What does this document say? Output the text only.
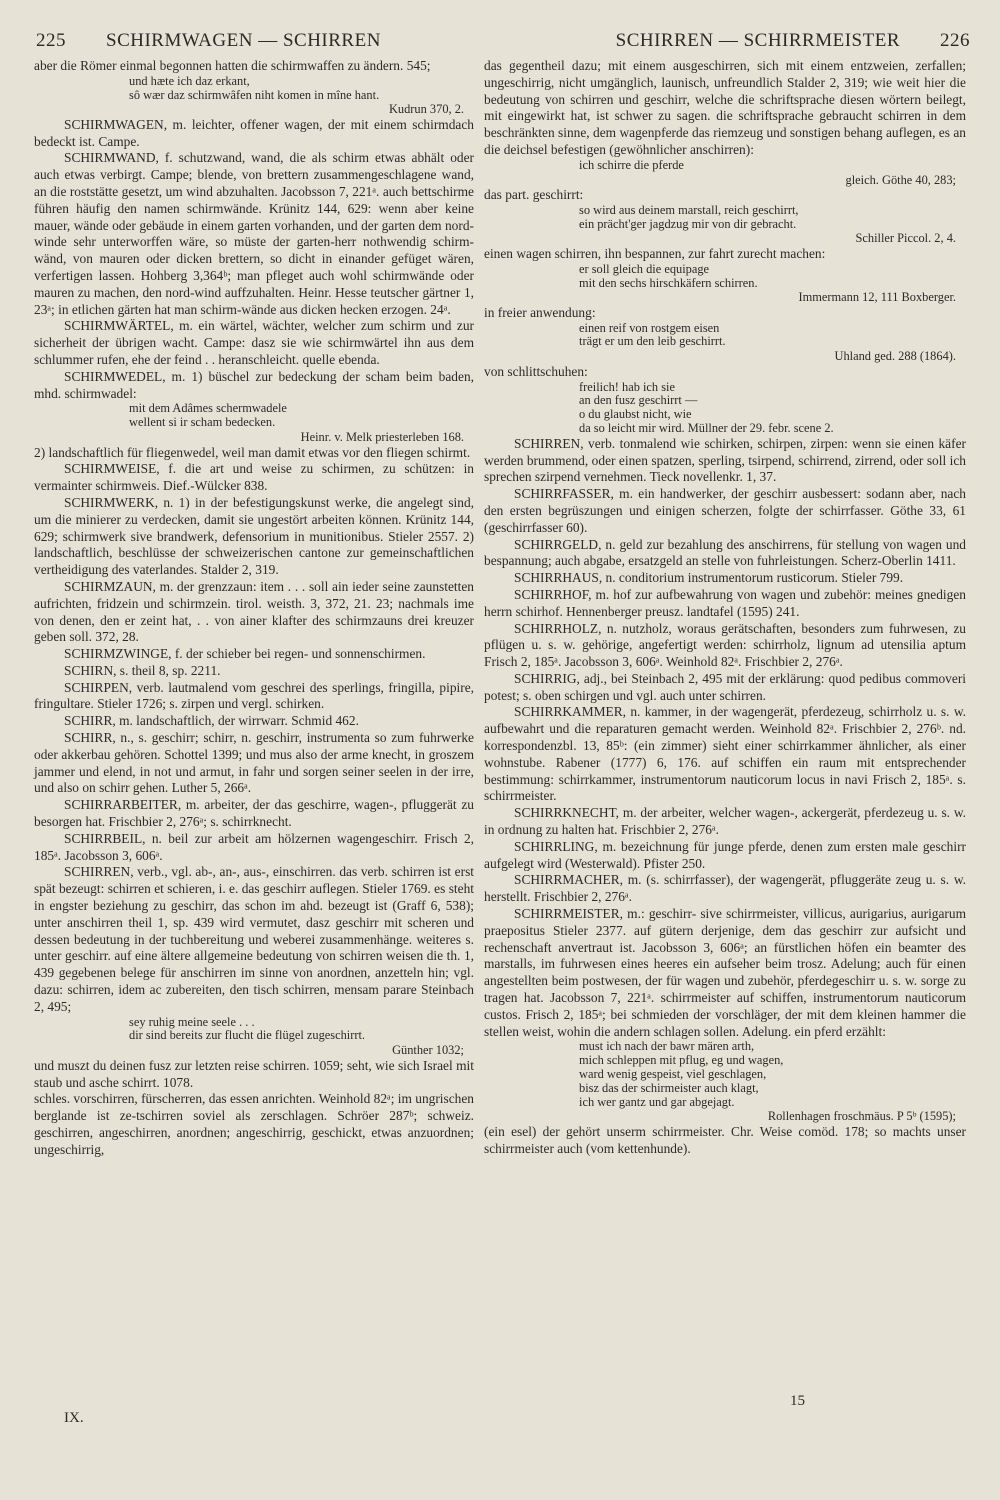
225 SCHIRMWAGEN — SCHIRREN	SCHIRREN — SCHIRRMEISTER 226

aber die Römer einmal begonnen hatten die schirmwaffen zu ändern. 545;

und hæte ich daz erkant,

sô wær daz schirmwâfen niht komen in mîne hant.

Kudrun 370, 2.

SCHIRMWAGEN, m. leichter, offener wagen, der mit einem schirmdach bedeckt ist. Campe.

SCHIRMWAND, f. schutzwand, wand, die als schirm etwas abhält oder auch etwas verbirgt. Campe; blende, von brettern zusammengeschlagene wand, an die roststätte gesetzt, um wind abzuhalten. Jacobsson 7, 221ᵃ. auch bettschirme führen häufig den namen schirmwände. Krünitz 144, 629: wenn aber keine mauer, wände oder gebäude in einem garten vorhanden, und der garten dem nord-winde sehr unterworffen wäre, so müste der garten-herr nothwendig schirm-wänd, von mauren oder dicken brettern, so dicht in einander gefüget wären, verfertigen lassen. Hohberg 3,364ᵇ; man pfleget auch wohl schirmwände oder mauren zu machen, den nord-wind auffzuhalten. Heinr. Hesse teutscher gärtner 1, 23ᵃ; in etlichen gärten hat man schirm-wände aus dicken hecken erzogen. 24ᵃ.

SCHIRMWÄRTEL, m. ein wärtel, wächter, welcher zum schirm und zur sicherheit der übrigen wacht. Campe: dasz sie wie schirmwärtel ihn aus dem schlummer rufen, ehe der feind . . heranschleicht. quelle ebenda.

SCHIRMWEDEL, m. 1) büschel zur bedeckung der scham beim baden, mhd. schirmwadel:

mit dem Adâmes schermwadele

wellent si ir scham bedecken.

Heinr. v. Melk priesterleben 168.

2) landschaftlich für fliegenwedel, weil man damit etwas vor den fliegen schirmt.

SCHIRMWEISE, f. die art und weise zu schirmen, zu schützen: in vermainter schirmweis. Dief.-Wülcker 838.

SCHIRMWERK, n. 1) in der befestigungskunst werke, die angelegt sind, um die minierer zu verdecken, damit sie ungestört arbeiten können. Krünitz 144, 629; schirmwerk sive brandwerk, defensorium in munitionibus. Stieler 2557. 2) landschaftlich, beschlüsse der schweizerischen cantone zur gemeinschaftlichen vertheidigung des vaterlandes. Stalder 2, 319.

SCHIRMZAUN, m. der grenzzaun: item . . . soll ain ieder seine zaunstetten aufrichten, fridzein und schirmzein. tirol. weisth. 3, 372, 21. 23; nachmals ime von denen, den er zeint hat, . . von ainer klafter des schirmzauns drei kreuzer geben soll. 372, 28.

SCHIRMZWINGE, f. der schieber bei regen- und sonnenschirmen.

SCHIRN, s. theil 8, sp. 2211.

SCHIRPEN, verb. lautmalend vom geschrei des sperlings, fringilla, pipire, fringultare. Stieler 1726; s. zirpen und vergl. schirken.

SCHIRR, m. landschaftlich, der wirrwarr. Schmid 462.

SCHIRR, n., s. geschirr; schirr, n. geschirr, instrumenta so zum fuhrwerke oder akkerbau gehören. Schottel 1399; und mus also der arme knecht, in groszem jammer und elend, in not und armut, in fahr und sorgen seiner seelen in der irre, und also on schirr gehen. Luther 5, 266ᵃ.

SCHIRRARBEITER, m. arbeiter, der das geschirre, wagen-, pfluggerät zu besorgen hat. Frischbier 2, 276ᵃ; s. schirrknecht.

SCHIRRBEIL, n. beil zur arbeit am hölzernen wagengeschirr. Frisch 2, 185ᵃ. Jacobsson 3, 606ᵃ.

SCHIRREN, verb., vgl. ab-, an-, aus-, einschirren. das verb. schirren ist erst spät bezeugt: schirren et schieren, i. e. das geschirr auflegen. Stieler 1769. es steht in engster beziehung zu geschirr, das schon im ahd. bezeugt ist (Graff 6, 538); unter anschirren theil 1, sp. 439 wird vermutet, dasz geschirr mit scheren und dessen bedeutung in der tuchbereitung und weberei zusammenhänge. weiteres s. unter geschirr. auf eine ältere allgemeine bedeutung von schirren weisen die th. 1, 439 gegebenen belege für anschirren im sinne von anordnen, anzetteln hin; vgl. dazu: schirren, idem ac zubereiten, den tisch schirren, mensam parare Steinbach 2, 495;

sey ruhig meine seele . . .

dir sind bereits zur flucht die flügel zugeschirrt.

Günther 1032;

und muszt du deinen fusz zur letzten reise schirren. 1059; seht, wie sich Israel mit staub und asche schirrt. 1078.

schles. vorschirren, fürscherren, das essen anrichten. Weinhold 82ᵃ; im ungrischen berglande ist ze-tschirren soviel als zerschlagen. Schröer 287ᵇ; schweiz. geschirren, angeschirren, anordnen; angeschirrig, geschickt, etwas anzuordnen; ungeschirrig,

das gegentheil dazu; mit einem ausgeschirren, sich mit einem entzweien, zerfallen; ungeschirrig, nicht umgänglich, launisch, unfreundlich Stalder 2, 319; wie weit hier die bedeutung von schirren und geschirr, welche die schriftsprache diesen wörtern beilegt, mit eingewirkt hat, ist schwer zu sagen. die schriftsprache gebraucht schirren in dem beschränkten sinne, dem wagenpferde das riemzeug und sonstigen behang auflegen, es an die deichsel befestigen (gewöhnlicher anschirren):

ich schirre die pferde

gleich. Göthe 40, 283;

das part. geschirrt:

so wird aus deinem marstall, reich geschirrt,

ein prächt'ger jagdzug mir von dir gebracht.

Schiller Piccol. 2, 4.

einen wagen schirren, ihn bespannen, zur fahrt zurecht machen:

er soll gleich die equipage

mit den sechs hirschkäfern schirren.

Immermann 12, 111 Boxberger.

in freier anwendung:

einen reif von rostgem eisen

trägt er um den leib geschirrt.

Uhland ged. 288 (1864).

von schlittschuhen:

freilich! hab ich sie

an den fusz geschirrt —

o du glaubst nicht, wie

da so leicht mir wird. Müllner der 29. febr. scene 2.

SCHIRREN, verb. tonmalend wie schirken, schirpen, zirpen: wenn sie einen käfer werden brummend, oder einen spatzen, sperling, tsirpend, schirrend, zirrend, oder soll ich sprechen szirpend vernehmen. Tieck novellenkr. 1, 37.

SCHIRRFASSER, m. ein handwerker, der geschirr ausbessert: sodann aber, nach den ersten begrüszungen und einigen scherzen, folgte der schirrfasser. Göthe 33, 61 (geschirrfasser 60).

SCHIRRGELD, n. geld zur bezahlung des anschirrens, für stellung von wagen und bespannung; auch abgabe, ersatzgeld an stelle von fuhrleistungen. Scherz-Oberlin 1411.

SCHIRRHAUS, n. conditorium instrumentorum rusticorum. Stieler 799.

SCHIRRHOF, m. hof zur aufbewahrung von wagen und zubehör: meines gnedigen herrn schirhof. Hennenberger preusz. landtafel (1595) 241.

SCHIRRHOLZ, n. nutzholz, woraus gerätschaften, besonders zum fuhrwesen, zu pflügen u. s. w. gehörige, angefertigt werden: schirrholz, lignum ad utensilia aptum Frisch 2, 185ᵃ. Jacobsson 3, 606ᵃ. Weinhold 82ᵃ. Frischbier 2, 276ᵃ.

SCHIRRIG, adj., bei Steinbach 2, 495 mit der erklärung: quod pedibus commoveri potest; s. oben schirgen und vgl. auch unter schirren.

SCHIRRKAMMER, n. kammer, in der wagengerät, pferdezeug, schirrholz u. s. w. aufbewahrt und die reparaturen gemacht werden. Weinhold 82ᵃ. Frischbier 2, 276ᵇ. nd. korrespondenzbl. 13, 85ᵇ: (ein zimmer) sieht einer schirrkammer ähnlicher, als einer wohnstube. Rabener (1777) 6, 176. auf schiffen ein raum mit entsprechender bestimmung: schirrkammer, instrumentorum nauticorum locus in navi Frisch 2, 185ᵃ. s. schirrmeister.

SCHIRRKNECHT, m. der arbeiter, welcher wagen-, ackergerät, pferdezeug u. s. w. in ordnung zu halten hat. Frischbier 2, 276ᵃ.

SCHIRRLING, m. bezeichnung für junge pferde, denen zum ersten male geschirr aufgelegt wird (Westerwald). Pfister 250.

SCHIRRMACHER, m. (s. schirrfasser), der wagengerät, pfluggeräte zeug u. s. w. herstellt. Frischbier 2, 276ᵃ.

SCHIRRMEISTER, m.: geschirr- sive schirrmeister, villicus, aurigarius, aurigarum praepositus Stieler 2377. auf gütern derjenige, dem das geschirr zur aufsicht und rechenschaft anvertraut ist. Jacobsson 3, 606ᵃ; an fürstlichen höfen ein beamter des marstalls, im fuhrwesen eines heeres ein aufseher beim trosz. Adelung; auch für einen angestellten beim postwesen, der für wagen und zubehör, pferdegeschirr u. s. w. sorge zu tragen hat. Jacobsson 7, 221ᵃ. schirrmeister auf schiffen, instrumentorum nauticorum custos. Frisch 2, 185ᵃ; bei schmieden der vorschläger, der mit dem kleinen hammer die stellen weist, wohin die andern schlagen sollen. Adelung. ein pferd erzählt:

must ich nach der bawr mären arth,

mich schleppen mit pflug, eg und wagen,

ward wenig gespeist, viel geschlagen,

bisz das der schirmeister auch klagt,

ich wer gantz und gar abgejagt.

Rollenhagen froschmäus. P 5ᵇ (1595);

(ein esel) der gehört unserm schirrmeister. Chr. Weise comöd. 178; so machts unser schirrmeister auch (vom kettenhunde).

IX.
15
